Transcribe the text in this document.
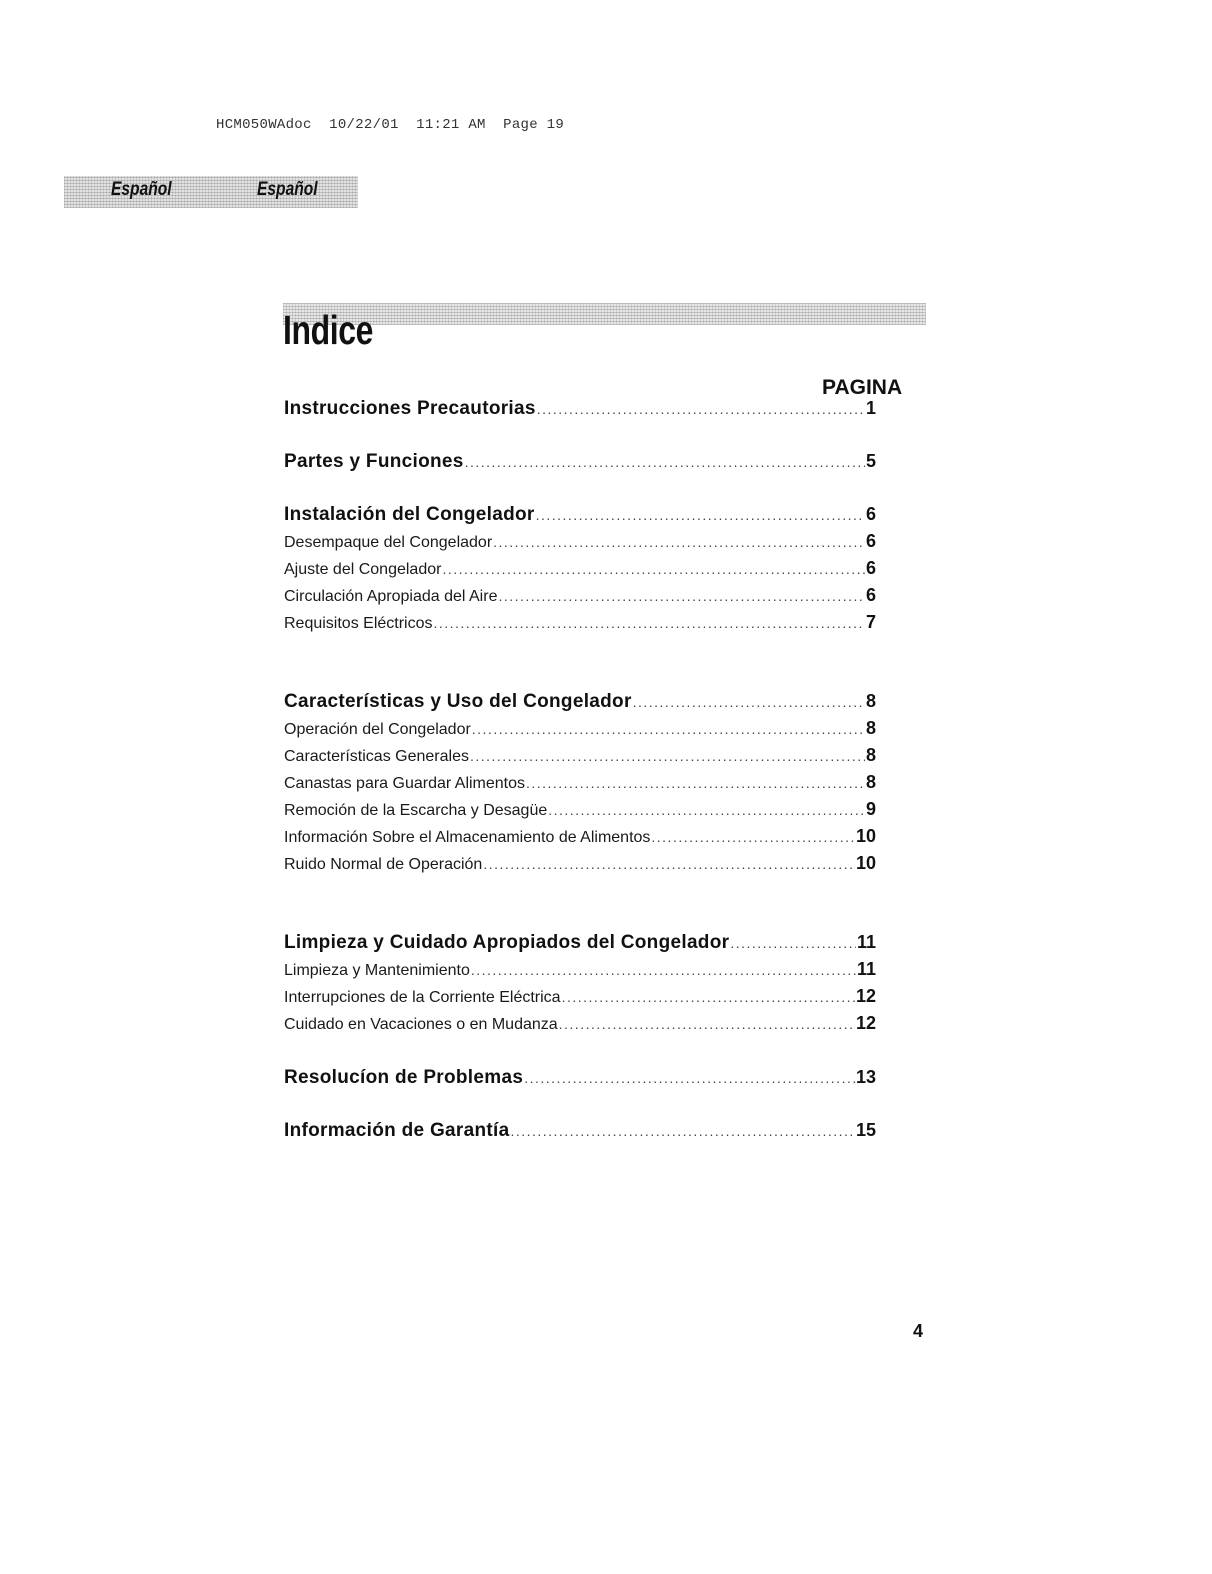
HCM050WAdoc  10/22/01  11:21 AM  Page 19
Español	Español
Indice
PAGINA
Instrucciones Precautorias . . .	1
Partes y Funciones . . .	5
Instalación del Congelador . . .	6
Desempaque del Congelador . . .	6
Ajuste del Congelador . . .	6
Circulación Apropiada del Aire . . .	6
Requisitos Eléctricos . . .	7
Características y Uso del Congelador . . .	8
Operación del Congelador . . .	8
Características Generales . . .	8
Canastas para Guardar Alimentos . . .	8
Remoción de la Escarcha y Desagüe . . .	9
Información Sobre el Almacenamiento de Alimentos . . .	10
Ruido Normal de Operación . . .	10
Limpieza y Cuidado Apropiados del Congelador . . .	11
Limpieza y Mantenimiento . . .	11
Interrupciones de la Corriente Eléctrica . . .	12
Cuidado en Vacaciones o en Mudanza . . .	12
Resolucíon de Problemas . . .	13
Información de Garantía . . .	15
4
